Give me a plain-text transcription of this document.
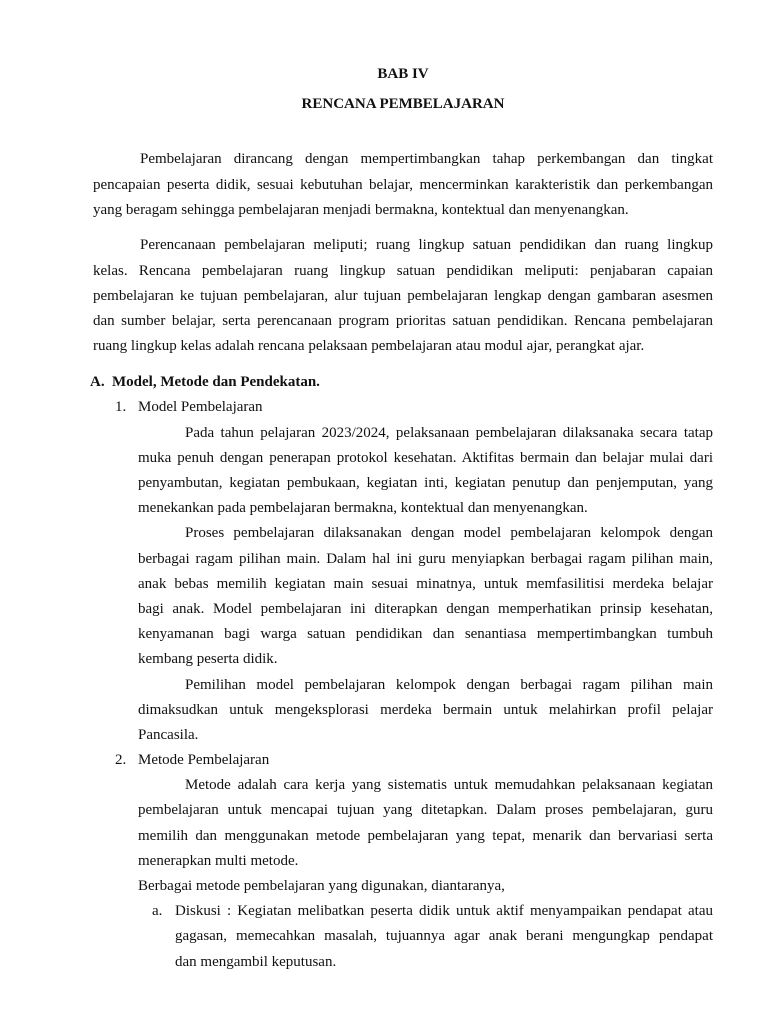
BAB IV
RENCANA PEMBELAJARAN
Pembelajaran dirancang dengan mempertimbangkan tahap perkembangan dan tingkat
pencapaian peserta didik, sesuai kebutuhan belajar, mencerminkan karakteristik dan perkembangan
yang beragam sehingga pembelajaran menjadi bermakna, kontektual dan menyenangkan.
Perencanaan pembelajaran meliputi; ruang lingkup satuan pendidikan dan ruang lingkup
kelas. Rencana pembelajaran ruang lingkup satuan pendidikan meliputi: penjabaran capaian
pembelajaran ke tujuan pembelajaran, alur tujuan pembelajaran lengkap dengan gambaran asesmen
dan sumber belajar, serta perencanaan program prioritas satuan pendidikan. Rencana pembelajaran
ruang lingkup kelas adalah rencana pelaksaan pembelajaran atau modul ajar, perangkat ajar.
A. Model, Metode dan Pendekatan.
1. Model Pembelajaran
Pada tahun pelajaran 2023/2024, pelaksanaan pembelajaran dilaksanaka secara tatap
muka penuh dengan penerapan protokol kesehatan. Aktifitas bermain dan belajar mulai dari
penyambutan, kegiatan pembukaan, kegiatan inti, kegiatan penutup dan penjemputan, yang
menekankan pada pembelajaran bermakna, kontektual dan menyenangkan.
Proses pembelajaran dilaksanakan dengan model pembelajaran kelompok dengan
berbagai ragam pilihan main. Dalam hal ini guru menyiapkan berbagai ragam pilihan main,
anak bebas memilih kegiatan main sesuai minatnya, untuk memfasilitisi merdeka belajar
bagi anak. Model pembelajaran ini diterapkan dengan memperhatikan prinsip kesehatan,
kenyamanan bagi warga satuan pendidikan dan senantiasa mempertimbangkan tumbuh
kembang peserta didik.
Pemilihan model pembelajaran kelompok dengan berbagai ragam pilihan main
dimaksudkan untuk mengeksplorasi merdeka bermain untuk melahirkan profil pelajar
Pancasila.
2. Metode Pembelajaran
Metode adalah cara kerja yang sistematis untuk memudahkan pelaksanaan kegiatan
pembelajaran untuk mencapai tujuan yang ditetapkan. Dalam proses pembelajaran, guru
memilih dan menggunakan metode pembelajaran yang tepat, menarik dan bervariasi serta
menerapkan multi metode.
Berbagai metode pembelajaran yang digunakan, diantaranya,
a. Diskusi : Kegiatan melibatkan peserta didik untuk aktif menyampaikan pendapat atau
gagasan, memecahkan masalah, tujuannya agar anak berani mengungkap pendapat
dan mengambil keputusan.
